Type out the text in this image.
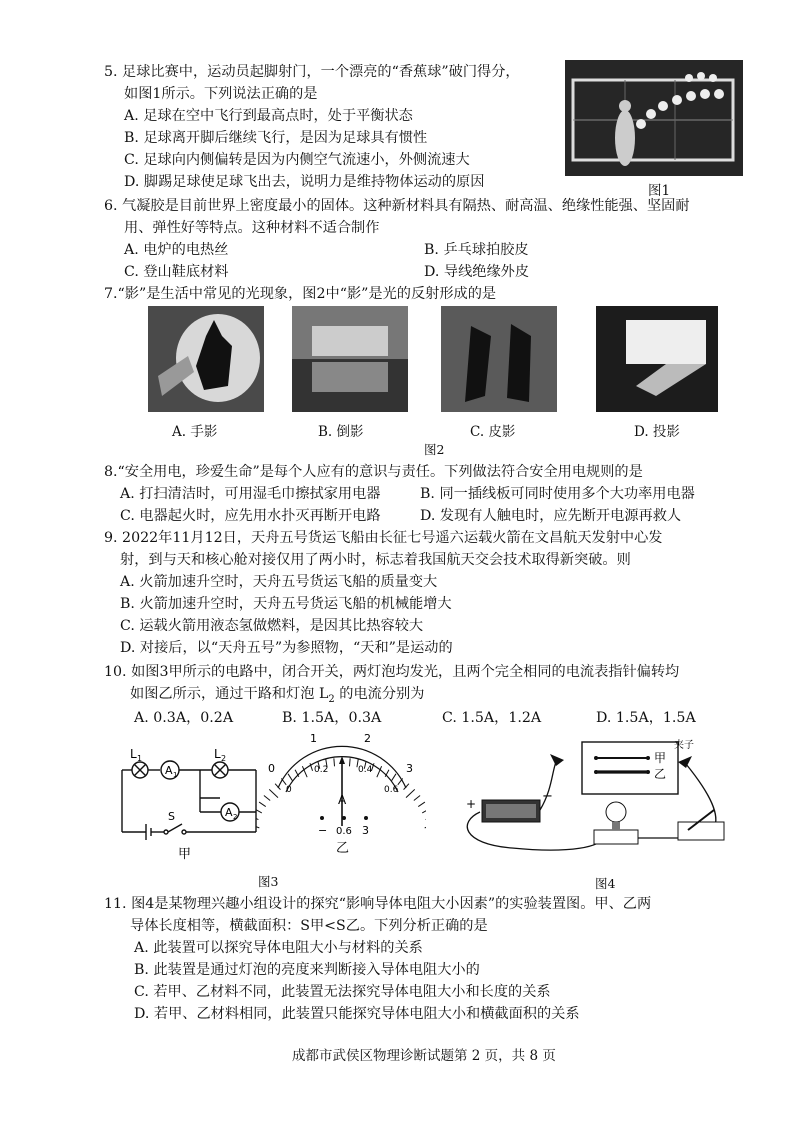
5. 足球比赛中，运动员起脚射门，一个漂亮的“香蕉球”破门得分，
如图1所示。下列说法正确的是
A. 足球在空中飞行到最高点时，处于平衡状态
B. 足球离开脚后继续飞行，是因为足球具有惯性
C. 足球向内侧偏转是因为内侧空气流速小，外侧流速大
D. 脚踢足球使足球飞出去，说明力是维持物体运动的原因
图1
6. 气凝胶是目前世界上密度最小的固体。这种新材料具有隔热、耐高温、绝缘性能强、坚固耐
用、弹性好等特点。这种材料不适合制作
A. 电炉的电热丝	B. 乒乓球拍胶皮
C. 登山鞋底材料	D. 导线绝缘外皮
7.“影”是生活中常见的光现象，图2中“影”是光的反射形成的是
A. 手影	B. 倒影	C. 皮影	D. 投影
图2
8.“安全用电，珍爱生命”是每个人应有的意识与责任。下列做法符合安全用电规则的是
A. 打扫清洁时，可用湿毛巾擦拭家用电器	B. 同一插线板可同时使用多个大功率用电器
C. 电器起火时，应先用水扑灭再断开电路	D. 发现有人触电时，应先断开电源再救人
9. 2022年11月12日，天舟五号货运飞船由长征七号遥六运载火箭在文昌航天发射中心发
射，到与天和核心舱对接仅用了两小时，标志着我国航天交会技术取得新突破。则
A. 火箭加速升空时，天舟五号货运飞船的质量变大
B. 火箭加速升空时，天舟五号货运飞船的机械能增大
C. 运载火箭用液态氢做燃料，是因其比热容较大
D. 对接后，以“天舟五号”为参照物，“天和”是运动的
10. 如图3甲所示的电路中，闭合开关，两灯泡均发光，且两个完全相同的电流表指针偏转均
如图乙所示，通过干路和灯泡 $L_2$ 的电流分别为
A. 0.3A，0.2A	B. 1.5A，0.3A	C. 1.5A，1.2A	D. 1.5A，1.5A
L 1	L 2
A 1
A 2
S
甲
0
1	2
3
0
0.2	0.4
0.6
A
− 0.6 3
乙
甲
乙
夹子
+	−
图3	图4
11. 图4是某物理兴趣小组设计的探究“影响导体电阻大小因素”的实验装置图。甲、乙两
导体长度相等，横截面积：S甲<S乙。下列分析正确的是
A. 此装置可以探究导体电阻大小与材料的关系
B. 此装置是通过灯泡的亮度来判断接入导体电阻大小的
C. 若甲、乙材料不同，此装置无法探究导体电阻大小和长度的关系
D. 若甲、乙材料相同，此装置只能探究导体电阻大小和横截面积的关系
成都市武侯区物理诊断试题第 2 页，共 8 页
